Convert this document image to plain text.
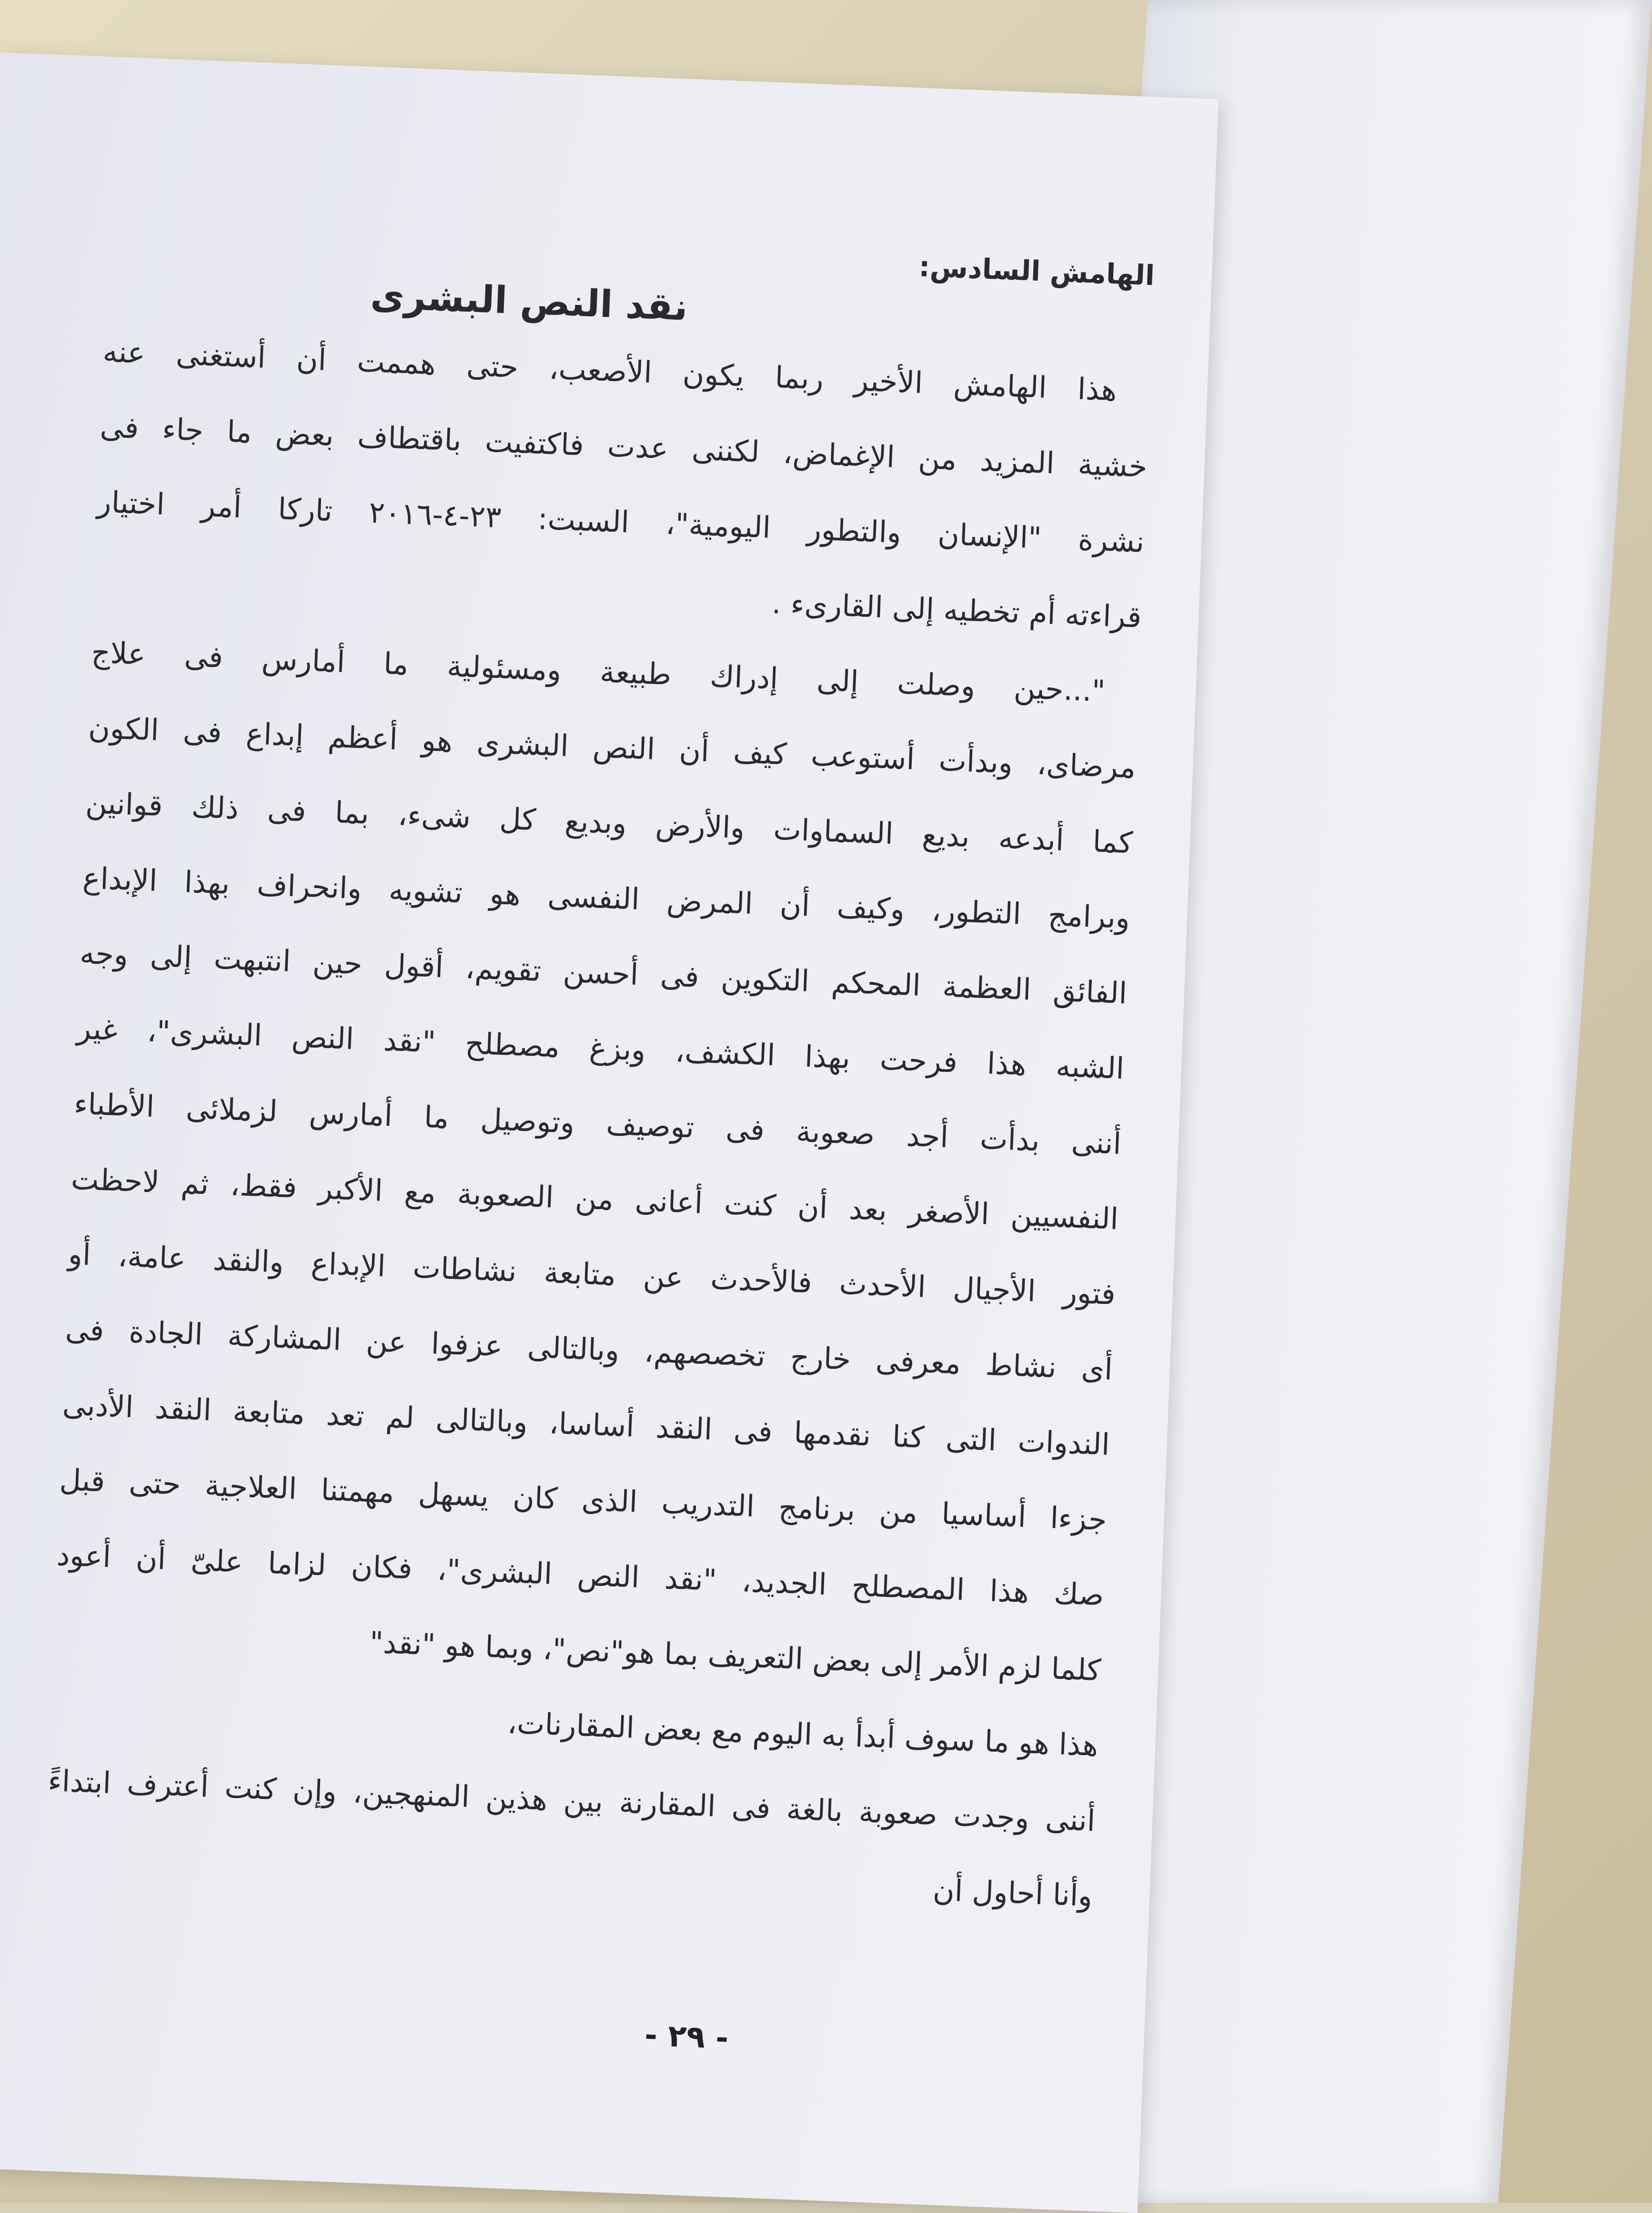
الهامش السادس:
نقد النص البشرى
هذا الهامش الأخير ربما يكون الأصعب، حتى هممت أن أستغنى عنه
خشية المزيد من الإغماض، لكننى عدت فاكتفيت باقتطاف بعض ما جاء فى
نشرة "الإنسان والتطور اليومية"، السبت: ٢٣-٤-٢٠١٦ تاركا أمر اختيار
قراءته أم تخطيه إلى القارىء .
"...حين وصلت إلى إدراك طبيعة ومسئولية ما أمارس فى علاج
مرضاى، وبدأت أستوعب كيف أن النص البشرى هو أعظم إبداع فى الكون
كما أبدعه بديع السماوات والأرض وبديع كل شىء، بما فى ذلك قوانين
وبرامج التطور، وكيف أن المرض النفسى هو تشويه وانحراف بهذا الإبداع
الفائق العظمة المحكم التكوين فى أحسن تقويم، أقول حين انتبهت إلى وجه
الشبه هذا فرحت بهذا الكشف، وبزغ مصطلح "نقد النص البشرى"، غير
أننى بدأت أجد صعوبة فى توصيف وتوصيل ما أمارس لزملائى الأطباء
النفسيين الأصغر بعد أن كنت أعانى من الصعوبة مع الأكبر فقط، ثم لاحظت
فتور الأجيال الأحدث فالأحدث عن متابعة نشاطات الإبداع والنقد عامة، أو
أى نشاط معرفى خارج تخصصهم، وبالتالى عزفوا عن المشاركة الجادة فى
الندوات التى كنا نقدمها فى النقد أساسا، وبالتالى لم تعد متابعة النقد الأدبى
جزءا أساسيا من برنامج التدريب الذى كان يسهل مهمتنا العلاجية حتى قبل
صك هذا المصطلح الجديد، "نقد النص البشرى"، فكان لزاما علىّ أن أعود
كلما لزم الأمر إلى بعض التعريف بما هو"نص"، وبما هو "نقد"
هذا هو ما سوف أبدأ به اليوم مع بعض المقارنات،
أننى وجدت صعوبة بالغة فى المقارنة بين هذين المنهجين، وإن كنت أعترف ابتداءً
وأنا أحاول أن
- ٢٩ -
